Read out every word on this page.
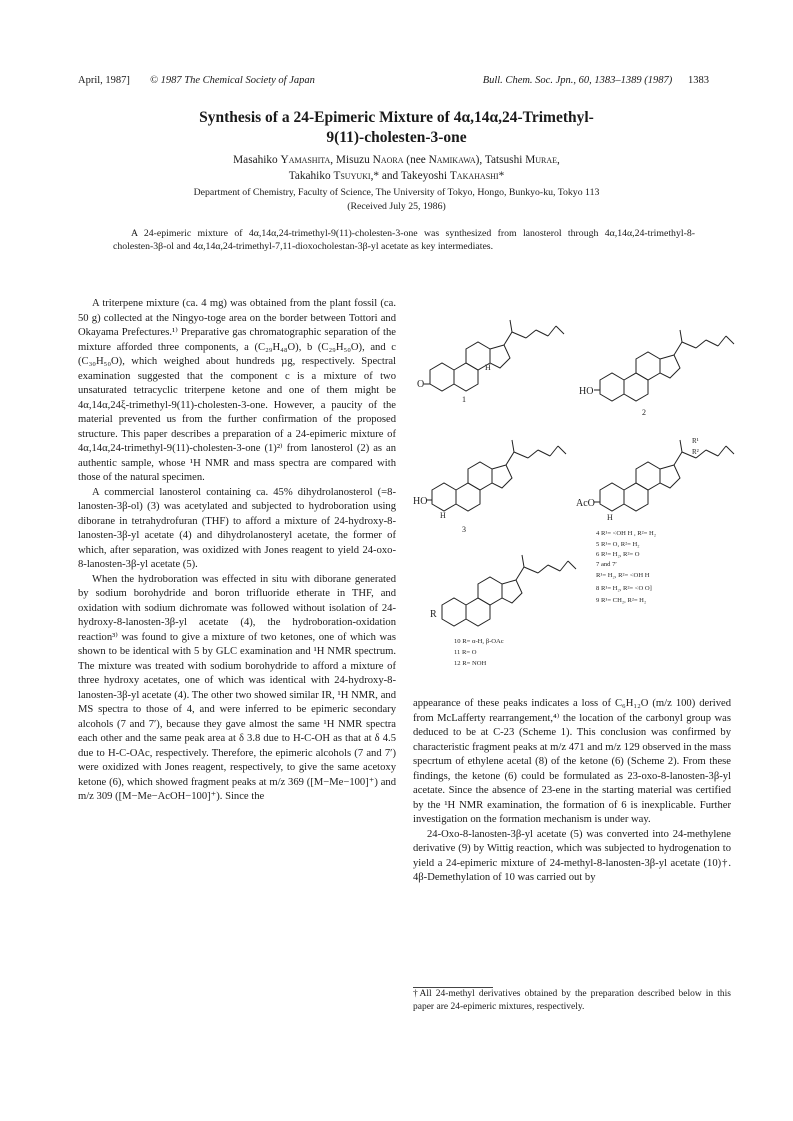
April, 1987] © 1987 The Chemical Society of Japan	Bull. Chem. Soc. Jpn., 60, 1383–1389 (1987) 1383
Synthesis of a 24-Epimeric Mixture of 4α,14α,24-Trimethyl-
9(11)-cholesten-3-one
Masahiko Yamashita, Misuzu Naora (nee Namikawa), Tatsushi Murae,
Takahiko Tsuyuki,* and Takeyoshi Takahashi*
Department of Chemistry, Faculty of Science, The University of Tokyo, Hongo, Bunkyo-ku, Tokyo 113
(Received July 25, 1986)
A 24-epimeric mixture of 4α,14α,24-trimethyl-9(11)-cholesten-3-one was synthesized from lanosterol through 4α,14α,24-trimethyl-8-cholesten-3β-ol and 4α,14α,24-trimethyl-7,11-dioxocholestan-3β-yl acetate as key intermediates.

A triterpene mixture (ca. 4 mg) was obtained from the plant fossil (ca. 50 g) collected at the Ningyo-toge area on the border between Tottori and Okayama Prefectures.¹⁾ Preparative gas chromatographic separation of the mixture afforded three components, a (C₂₉H₄₈O), b (C₂₉H₅₀O), and c (C₃₀H₅₀O), which weighed about hundreds µg, respectively. Spectral examination suggested that the component c is a mixture of two unsaturated tetracyclic triterpene ketone and one of them might be 4α,14α,24ξ-trimethyl-9(11)-cholesten-3-one. However, a paucity of the material prevented us from the further confirmation of the proposed structure. This paper describes a preparation of a 24-epimeric mixture of 4α,14α,24-trimethyl-9(11)-cholesten-3-one (1)²⁾ from lanosterol (2) as an authentic sample, whose ¹H NMR and mass spectra are compared with those of the natural specimen.

A commercial lanosterol containing ca. 45% dihydrolanosterol (=8-lanosten-3β-ol) (3) was acetylated and subjected to hydroboration using diborane in tetrahydrofuran (THF) to afford a mixture of 24-hydroxy-8-lanosten-3β-yl acetate (4) and dihydrolanosteryl acetate, the former of which, after separation, was oxidized with Jones reagent to yield 24-oxo-8-lanosten-3β-yl acetate (5).

When the hydroboration was effected in situ with diborane generated by sodium borohydride and boron trifluoride etherate in THF, and oxidation with sodium dichromate was followed without isolation of 24-hydroxy-8-lanosten-3β-yl acetate (4), the hydroboration-oxidation reaction³⁾ was found to give a mixture of two ketones, one of which was shown to be identical with 5 by GLC examination and ¹H NMR spectrum. The mixture was treated with sodium borohydride to afford a mixture of three hydroxy acetates, one of which was identical with 24-hydroxy-8-lanosten-3β-yl acetate (4). The other two showed similar IR, ¹H NMR, and MS spectra to those of 4, and were inferred to be epimeric secondary alcohols (7 and 7′), because they gave almost the same ¹H NMR spectra each other and the same peak area at δ 3.8 due to H-C-OH as that at δ 4.5 due to H-C-OAc, respectively. Therefore, the epimeric alcohols (7 and 7′) were oxidized with Jones reagent, respectively, to give the same acetoxy ketone (6), which showed fragment peaks at m/z 369 ([M−Me−100]⁺) and m/z 309 ([M−Me−AcOH−100]⁺). Since the

appearance of these peaks indicates a loss of C₆H₁₂O (m/z 100) derived from McLafferty rearrangement,⁴⁾ the location of the carbonyl group was deduced to be at C-23 (Scheme 1). This conclusion was confirmed by characteristic fragment peaks at m/z 471 and m/z 129 observed in the mass specrtum of ethylene acetal (8) of the ketone (6) (Scheme 2). From these findings, the ketone (6) could be formulated as 23-oxo-8-lanosten-3β-yl acetate. Since the absence of 23-ene in the starting material was certified by the ¹H NMR examination, the formation of 6 is inexplicable. Further investigation on the formation mechanism is under way.

24-Oxo-8-lanosten-3β-yl acetate (5) was converted into 24-methylene derivative (9) by Wittig reaction, which was subjected to hydrogenation to yield a 24-epimeric mixture of 24-methyl-8-lanosten-3β-yl acetate (10)†. 4β-Demethylation of 10 was carried out by

†All 24-methyl derivatives obtained by the preparation described below in this paper are 24-epimeric mixtures, respectively.
O
H
1
HO
2
HO
H
3
AcO
H
R¹
R²
R
4 R¹= <OH H , R²= H₂
5 R¹= O, R²= H₂
6 R¹= H₂, R²= O
7 and 7′
R¹= H₂, R²= <OH H
8 R¹= H₂, R²= <O O]
9 R¹= CH₂, R²= H₂
10 R= α-H, β-OAc
11 R= O
12 R= NOH
